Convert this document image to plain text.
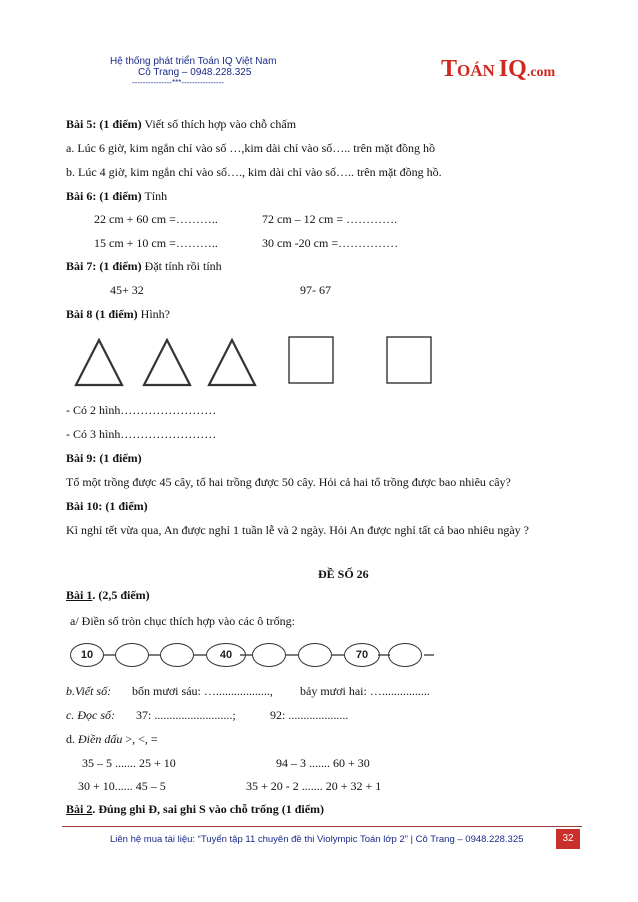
Hệ thống phát triển Toán IQ Việt Nam
Cô Trang – 0948.228.325
---------------***----------------
Toán IQ.com
Bài 5: (1 điểm) Viết số thích hợp vào chỗ chấm
a. Lúc 6 giờ, kim ngắn chỉ vào số …,kim dài chỉ vào số….. trên mặt đồng hồ
b. Lúc 4 giờ, kim ngắn chỉ vào số…., kim dài chỉ vào số….. trên mặt đồng hồ.
Bài 6: (1 điểm) Tính
22 cm + 60 cm =………..	72 cm – 12 cm = ………….
15 cm + 10 cm =………..	30 cm -20 cm =……………
Bài 7: (1 điểm) Đặt tính rồi tính
45+ 32	97- 67
Bài 8 (1 điểm) Hình?
- Có 2 hình……………………
- Có 3 hình……………………
Bài 9: (1 điểm)
Tổ một trồng được 45 cây, tổ hai trồng được 50 cây. Hỏi cả hai tổ trồng được bao nhiêu cây?
Bài 10: (1 điểm)
Kì nghỉ tết vừa qua, An được nghỉ 1 tuần lễ và 2 ngày. Hỏi An được nghỉ tất cả bao nhiêu ngày ?
ĐỀ SỐ 26
Bài 1. (2,5 điểm)
a/ Điền số tròn chục thích hợp vào các ô trống:
10	40	70
b.Viết số: bốn mươi sáu: ….................., bảy mươi hai: …................
c. Đọc số: 37: ..........................;	92: ....................
d. Điền dấu >, <, =
35 – 5 ....... 25 + 10	94 – 3 ....... 60 + 30
30 + 10...... 45 – 5	35 + 20 - 2 ....... 20 + 32 + 1
Bài 2. Đúng ghi Đ, sai ghi S vào chỗ trống (1 điểm)
Liên hệ mua tài liệu: “Tuyển tập 11 chuyên đề thi Violympic Toán lớp 2” | Cô Trang – 0948.228.325	32
